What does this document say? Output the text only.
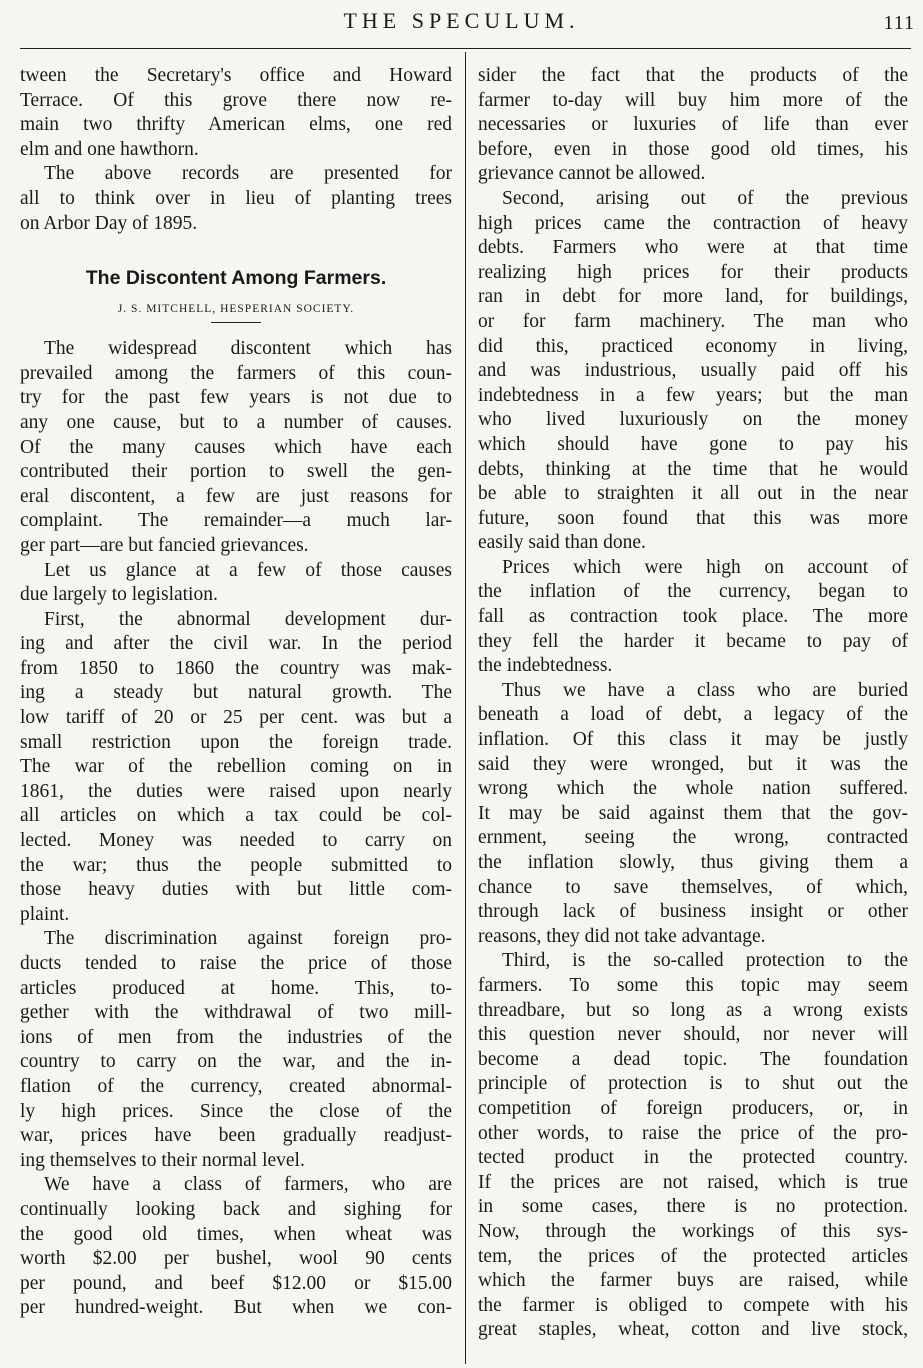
THE SPECULUM.	111
tween the Secretary's office and Howard
Terrace. Of this grove there now re-
main two thrifty American elms, one red
elm and one hawthorn.
The above records are presented for
all to think over in lieu of planting trees
on Arbor Day of 1895.
The Discontent Among Farmers.
J. S. MITCHELL, HESPERIAN SOCIETY.
The widespread discontent which has
prevailed among the farmers of this coun-
try for the past few years is not due to
any one cause, but to a number of causes.
Of the many causes which have each
contributed their portion to swell the gen-
eral discontent, a few are just reasons for
complaint. The remainder—a much lar-
ger part—are but fancied grievances.
Let us glance at a few of those causes
due largely to legislation.
First, the abnormal development dur-
ing and after the civil war. In the period
from 1850 to 1860 the country was mak-
ing a steady but natural growth. The
low tariff of 20 or 25 per cent. was but a
small restriction upon the foreign trade.
The war of the rebellion coming on in
1861, the duties were raised upon nearly
all articles on which a tax could be col-
lected. Money was needed to carry on
the war; thus the people submitted to
those heavy duties with but little com-
plaint.
The discrimination against foreign pro-
ducts tended to raise the price of those
articles produced at home. This, to-
gether with the withdrawal of two mill-
ions of men from the industries of the
country to carry on the war, and the in-
flation of the currency, created abnormal-
ly high prices. Since the close of the
war, prices have been gradually readjust-
ing themselves to their normal level.
We have a class of farmers, who are
continually looking back and sighing for
the good old times, when wheat was
worth $2.00 per bushel, wool 90 cents
per pound, and beef $12.00 or $15.00
per hundred-weight. But when we con-
sider the fact that the products of the
farmer to-day will buy him more of the
necessaries or luxuries of life than ever
before, even in those good old times, his
grievance cannot be allowed.
Second, arising out of the previous
high prices came the contraction of heavy
debts. Farmers who were at that time
realizing high prices for their products
ran in debt for more land, for buildings,
or for farm machinery. The man who
did this, practiced economy in living,
and was industrious, usually paid off his
indebtedness in a few years; but the man
who lived luxuriously on the money
which should have gone to pay his
debts, thinking at the time that he would
be able to straighten it all out in the near
future, soon found that this was more
easily said than done.
Prices which were high on account of
the inflation of the currency, began to
fall as contraction took place. The more
they fell the harder it became to pay of
the indebtedness.
Thus we have a class who are buried
beneath a load of debt, a legacy of the
inflation. Of this class it may be justly
said they were wronged, but it was the
wrong which the whole nation suffered.
It may be said against them that the gov-
ernment, seeing the wrong, contracted
the inflation slowly, thus giving them a
chance to save themselves, of which,
through lack of business insight or other
reasons, they did not take advantage.
Third, is the so-called protection to the
farmers. To some this topic may seem
threadbare, but so long as a wrong exists
this question never should, nor never will
become a dead topic. The foundation
principle of protection is to shut out the
competition of foreign producers, or, in
other words, to raise the price of the pro-
tected product in the protected country.
If the prices are not raised, which is true
in some cases, there is no protection.
Now, through the workings of this sys-
tem, the prices of the protected articles
which the farmer buys are raised, while
the farmer is obliged to compete with his
great staples, wheat, cotton and live stock,
